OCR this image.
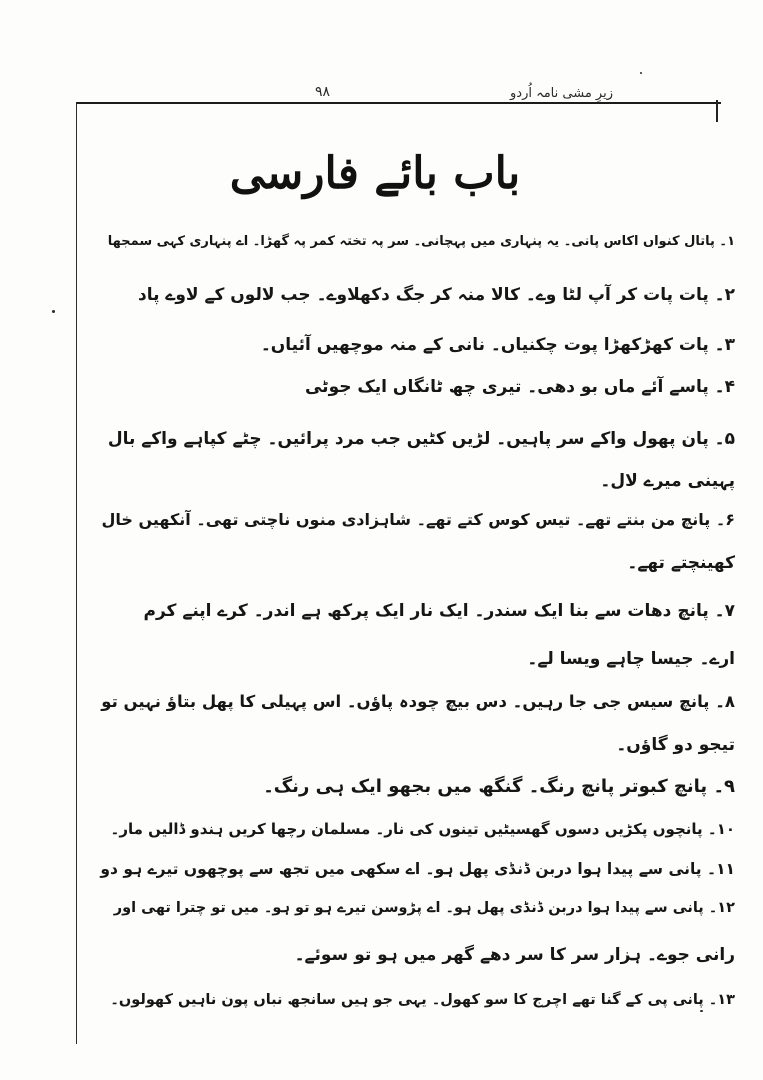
۹۸	زیرِ مشی نامہ اُردو
باب بائے فارسی
۱۔ پاتال کنواں اکاس پانی۔ یہ پنہاری میں پہچانی۔ سر پہ تختہ کمر پہ گھڑا۔ اے پنہاری کہی سمجھا
۲۔ پات پات کر آپ لٹا وے۔ کالا منہ کر جگ دکھلاوے۔ جب لالوں کے لاوے پاد
۳۔ پات کھڑکھڑا پوت چکنیاں۔ نانی کے منہ موچھیں آئیاں۔
۴۔ پاسے آئے ماں بو دھی۔ تیری چھ ٹانگاں ایک جوٹی
۵۔ پان پھول واکے سر پاہیں۔ لڑیں کٹیں جب مرد پرائیں۔ چٹے کپاہے واکے بال
پہینی میرے لال۔
۶۔ پانچ من بنتے تھے۔ تیس کوس کتے تھے۔ شاہزادی منوں ناچتی تھی۔ آنکھیں خال
کھینچتے تھے۔
۷۔ پانچ دھات سے بنا ایک سندر۔ ایک نار ایک پرکھ ہے اندر۔ کرے اپنے کرم
ارے۔ جیسا چاہے ویسا لے۔
۸۔ پانچ سیس جی جا رہیں۔ دس بیچ چودہ پاؤں۔ اس پہیلی کا پھل بتاؤ نہیں تو
تیجو دو گاؤں۔
۹۔ پانچ کبوتر پانچ رنگ۔ گنگھ میں بجھو ایک ہی رنگ۔
۱۰۔ پانچوں پکڑیں دسوں گھسیٹیں تینوں کی نار۔ مسلمان رچھا کریں ہندو ڈالیں مار۔
۱۱۔ پانی سے پیدا ہوا دربن ڈنڈی پھل ہو۔ اے سکھی میں تجھ سے پوچھوں تیرے ہو دو
۱۲۔ پانی سے پیدا ہوا دربن ڈنڈی پھل ہو۔ اے پڑوسن تیرے ہو تو ہو۔ میں تو چترا تھی اور
رانی جوے۔ ہزار سر کا سر دھے گھر میں ہو تو سوئے۔
۱۳۔ پانی پی کے گنا تھے اچرج کا سو کھول۔ یہی جو ہیں سانجھ نباں پون ناہیں کھولوں۔
